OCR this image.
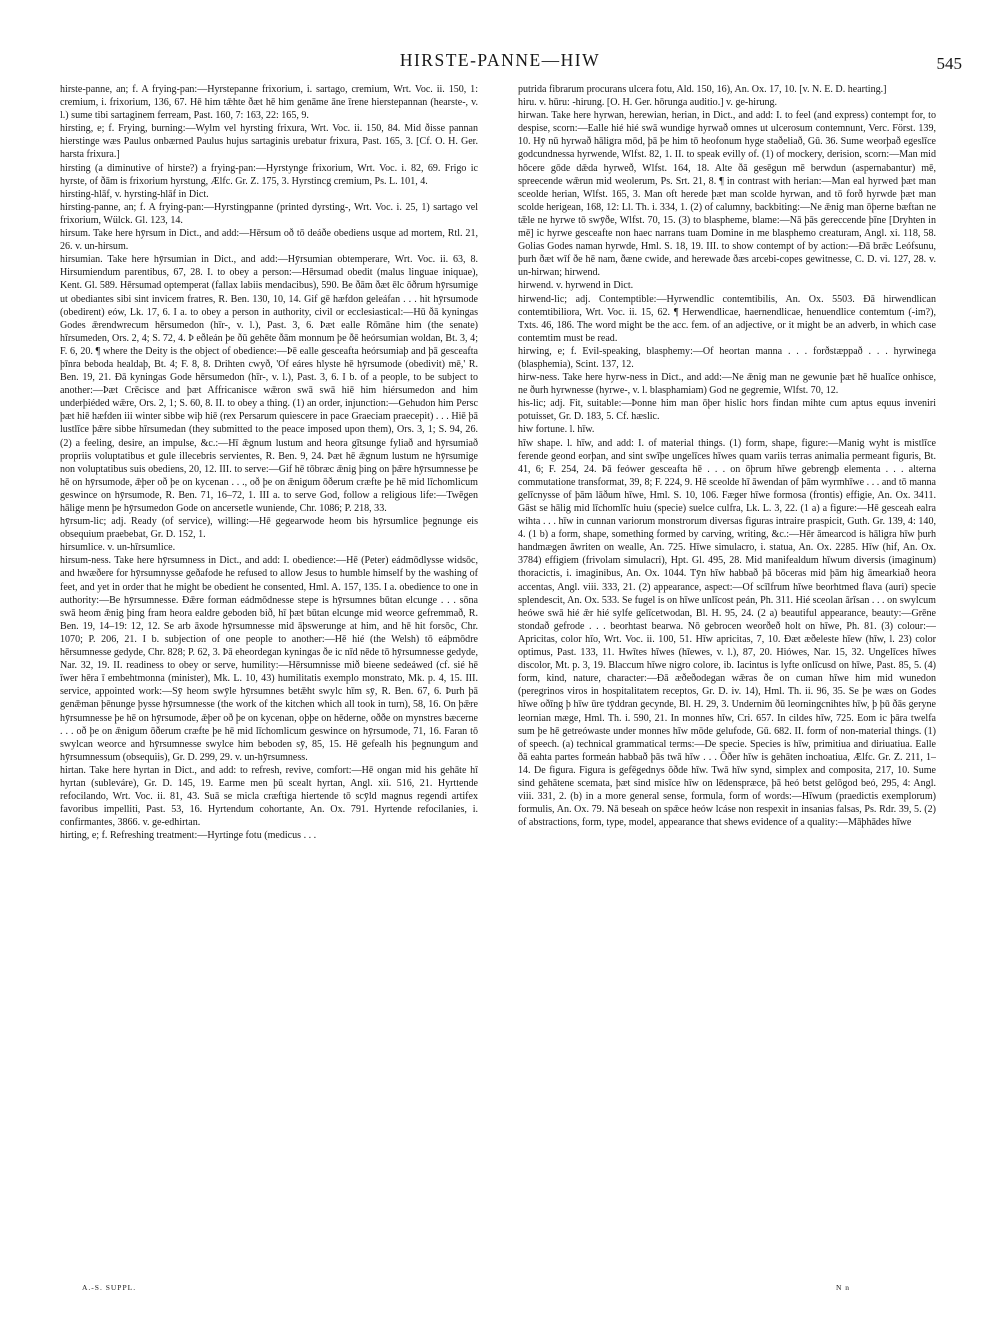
HIRSTE-PANNE—HIW	545

hirste-panne, an; f. A frying-pan:—Hyrstepanne frixorium, i. sartago, cremium, Wrt. Voc. ii. 150, 1: cremium, i. frixorium, 136, 67. Hē him tǣhte ðæt hē him genāme āne īrene hierstepannan (hearste-, v. l.) sume tibi sartaginem ferream, Past. 160, 7: 163, 22: 165, 9.

hirsting, e; f. Frying, burning:—Wylm vel hyrsting frixura, Wrt. Voc. ii. 150, 84. Mid ðisse pannan hierstinge wæs Paulus onbærned Paulus hujus sartaginis urebatur frixura, Past. 165, 3. [Cf. O. H. Ger. harsta frixura.]

hirsting (a diminutive of hirste?) a frying-pan:—Hyrstynge frixorium, Wrt. Voc. i. 82, 69. Frigo ic hyrste, of ðām is frixorium hyrstung, Ælfc. Gr. Z. 175, 3. Hyrstincg cremium, Ps. L. 101, 4.

hirsting-hlāf, v. hyrsting-hlāf in Dict.

hirsting-panne, an; f. A frying-pan:—Hyrstingpanne (printed dyrsting-, Wrt. Voc. i. 25, 1) sartago vel frixorium, Wülck. Gl. 123, 14.

hirsum. Take here hȳrsum in Dict., and add:—Hērsum oð tō deáðe obediens usque ad mortem, Rtl. 21, 26. v. un-hirsum.

hirsumian. Take here hȳrsumian in Dict., and add:—Hȳrsumian obtemperare, Wrt. Voc. ii. 63, 8. Hirsumiendum parentibus, 67, 28. I. to obey a person:—Hērsumad obedit (malus linguae iniquae), Kent. Gl. 589. Hērsumad optemperat (fallax labiis mendacibus), 590. Be ðām ðæt ēlc ōðrum hȳrsumige ut obediantes sibi sint invicem fratres, R. Ben. 130, 10, 14. Gif gē hæfdon geleáfan . . . hit hȳrsumode (obedirent) eów, Lk. 17, 6. I a. to obey a person in authority, civil or ecclesiastical:—Hū ðā kyningas Godes ǣrendwrecum hērsumedon (hīr-, v. l.), Past. 3, 6. Þæt ealle Rōmāne him (the senate) hīrsumeden, Ors. 2, 4; S. 72, 4. Þ eðleán þe ðū gehēte ðām monnum þe ðē heórsumian woldan, Bt. 3, 4; F. 6, 20. ¶ where the Deity is the object of obedience:—Þē ealle gesceafta heórsumiaþ and þā gesceafta þīnra beboda healdaþ, Bt. 4; F. 8, 8. Drihten cwyð, 'Of eáres hlyste hē hȳrsumode (obedivit) mē,' R. Ben. 19, 21. Ðā kyningas Gode hērsumedon (hīr-, v. l.), Past. 3, 6. I b. of a people, to be subject to another:—Þæt Crēcisce and þæt Affricanisce wǣron swā swā hiē him hiérsumedon and him underþiéded wǣre, Ors. 2, 1; S. 60, 8. II. to obey a thing. (1) an order, injunction:—Gehudon him Persc þæt hiē hæfden iii winter sibbe wiþ hiē (rex Persarum quiescere in pace Graeciam praecepit) . . . Hiē þā lustlīce þǣre sibbe hīrsumedan (they submitted to the peace imposed upon them), Ors. 3, 1; S. 94, 26. (2) a feeling, desire, an impulse, &c.:—Hī ǣgnum lustum and heora gītsunge fyliað and hȳrsumiað propriis voluptatibus et gule illecebris servientes, R. Ben. 9, 24. Þæt hē ǣgnum lustum ne hȳrsumige non voluptatibus suis obediens, 20, 12. III. to serve:—Gif hē tōbræc ǣnig þing on þǣre hȳrsumnesse þe hē on hȳrsumode, ǣþer oð þe on kycenan . . ., oð þe on ǣnigum ōðerum cræfte þe hē mid līchomlicum geswince on hȳrsumode, R. Ben. 71, 16–72, 1. III a. to serve God, follow a religious life:—Twēgen hālige menn þe hȳrsumedon Gode on ancersetle wuniende, Chr. 1086; P. 218, 33.

hȳrsum-lic; adj. Ready (of service), willing:—Hē gegearwode heom bis hȳrsumlice þegnunge eis obsequium praebebat, Gr. D. 152, 1.

hirsumlice. v. un-hīrsumlice.

hirsum-ness. Take here hȳrsumness in Dict., and add: I. obedience:—Hē (Peter) eádmōdlysse widsōc, and hwæðere for hȳrsumnysse geðafode he refused to allow Jesus to humble himself by the washing of feet, and yet in order that he might be obedient he consented, Hml. A. 157, 135. I a. obedience to one in authority:—Be hȳrsumnesse. Ðǣre forman eádmōdnesse stepe is hȳrsumnes būtan elcunge . . . sōna swā heom ǣnig þing fram heora ealdre geboden bið, hī þæt būtan elcunge mid weorce gefremmað, R. Ben. 19, 14–19: 12, 12. Se arb āxode hȳrsumnesse mid āþswerunge at him, and hē hit forsōc, Chr. 1070; P. 206, 21. I b. subjection of one people to another:—Hē hié (the Welsh) tō eáþmōdre hērsumnesse gedyde, Chr. 828; P. 62, 3. Þā eheordegan kyningas ðe ic nīd nēde tō hȳrsumnesse gedyde, Nar. 32, 19. II. readiness to obey or serve, humility:—Hērsumnisse mið bieene sedeáwed (cf. sié hē īwer hēra ī embehtmonna (minister), Mk. L. 10, 43) humilitatis exemplo monstrato, Mk. p. 4, 15. III. service, appointed work:—Sȳ heom swȳle hȳrsumnes betǣht swylc hīm sȳ, R. Ben. 67, 6. Þurh þā genǣman þēnunge þysse hȳrsumnesse (the work of the kitchen which all took in turn), 58, 16. On þǣre hȳrsumnesse þe hē on hȳrsumode, ǣþer oð þe on kycenan, oþþe on hēderne, oððe on mynstres bæcerne . . . oð þe on ǣnigum ōðerum cræfte þe hē mid līchomlicum geswince on hȳrsumode, 71, 16. Faran tō swylcan weorce and hȳrsumnesse swylce him beboden sȳ, 85, 15. Hē gefealh his þegnungum and hȳrsumnessum (obsequiis), Gr. D. 299, 29. v. un-hȳrsumness.

hirtan. Take here hyrtan in Dict., and add: to refresh, revive, comfort:—Hē ongan mid his gehāte hī hyrtan (subleváre), Gr. D. 145, 19. Earme men þū scealt hyrtan, Angl. xii. 516, 21. Hyrttende refocilando, Wrt. Voc. ii. 81, 43. Suā se micla cræftiga hiertende tō scȳld magnus regendi artifex favoribus impelliti, Past. 53, 16. Hyrtendum cohortante, An. Ox. 791. Hyrtende refocilanies, i. confirmantes, 3866. v. ge-edhirtan.

hirting, e; f. Refreshing treatment:—Hyrtinge fotu (medicus . . .

putrida fibrarum procurans ulcera fotu, Ald. 150, 16), An. Ox. 17, 10. [v. N. E. D. hearting.]

hiru. v. hūru: -hirung. [O. H. Ger. hōrunga auditio.] v. ge-hirung.

hirwan. Take here hyrwan, herewian, herian, in Dict., and add: I. to feel (and express) contempt for, to despise, scorn:—Ealle hié hié swā wundige hyrwað omnes ut ulcerosum contemnunt, Verc. Först. 139, 10. Hȳ nū hyrwað hāligra mōd, þā þe him tō heofonum hyge staðeliað, Gū. 36. Sume weorþað egeslīce godcundnessa hyrwende, Wlfst. 82, 1. II. to speak evilly of. (1) of mockery, derision, scorn:—Man mid hōcere gōde dǣda hyrweð, Wlfst. 164, 18. Alte ðā gesēgun mē berwdun (aspernabantur) mē, spreecende wǣrun mid weolerum, Ps. Srt. 21, 8. ¶ in contrast with herian:—Man eal hyrwed þæt man sceolde herian, Wlfst. 165, 3. Man oft herede þæt man scolde hyrwan, and tō forð hyrwde þæt man scolde herigean, 168, 12: Ll. Th. i. 334, 1. (2) of calumny, backbiting:—Ne ǣnig man ōþerne bæftan ne tǣle ne hyrwe tō swȳðe, Wlfst. 70, 15. (3) to blaspheme, blame:—Nā þās gereccende þīne [Dryhten in mē] ic hyrwe gesceafte non haec narrans tuam Domine in me blasphemo creaturam, Angl. xi. 118, 58. Golias Godes naman hyrwde, Hml. S. 18, 19. III. to show contempt of by action:—Ðā brǣc Leófsunu, þurh ðæt wīf ðe hē nam, ðæne cwide, and herewade ðæs arcebi-copes gewitnesse, C. D. vi. 127, 28. v. un-hirwan; hirwend.

hirwend. v. hyrwend in Dict.

hirwend-lic; adj. Contemptible:—Hyrwendlic contemtibilis, An. Ox. 5503. Ðā hirwendlican contemtibiliora, Wrt. Voc. ii. 15, 62. ¶ Herwendlicae, haernendlicae, henuendlice contemtum (-im?), Txts. 46, 186. The word might be the acc. fem. of an adjective, or it might be an adverb, in which case contemtim must be read.

hirwing, e; f. Evil-speaking, blasphemy:—Of heortan manna . . . forðstæppað . . . hyrwinega (blasphemia), Scint. 137, 12.

hirw-ness. Take here hyrw-ness in Dict., and add:—Ne ǣnig man ne gewunie þæt hē hualīce onhisce, ne ðurh hyrwnesse (hyrwe-, v. l. blasphamiam) God ne gegremie, Wlfst. 70, 12.

his-lic; adj. Fit, suitable:—Þonne him man ōþer hislic hors findan mihte cum aptus equus inveniri potuisset, Gr. D. 183, 5. Cf. hæslic.

hiw fortune. l. hīw.

hīw shape. l. hīw, and add: I. of material things. (1) form, shape, figure:—Manig wyht is mistlīce ferende geond eorþan, and sint swīþe ungelīces hīwes quam variis terras animalia permeant figuris, Bt. 41, 6; F. 254, 24. Þā feówer gesceafta hē . . . on ōþrum hīwe gebrengþ elementa . . . alterna commutatione transformat, 39, 8; F. 224, 9. Hē sceolde hī āwendan of þām wyrmhīwe . . . and tō manna gelīcnysse of þām lāðum hīwe, Hml. S. 10, 106. Fæger hīwe formosa (frontis) effigie, An. Ox. 3411. Gāst se hālig mid līchomlīc huiu (specie) suelce culfra, Lk. L. 3, 22. (1 a) a figure:—Hē gesceah ealra wihta . . . hīw in cunnan variorum monstrorum diversas figuras intraire praspicit, Guth. Gr. 139, 4: 140, 4. (1 b) a form, shape, something formed by carving, writing, &c.:—Hēr āmearcod is hāligra hīw þurh handmægen āwriten on wealle, An. 725. Hīwe simulacro, i. statua, An. Ox. 2285. Hīw (hif, An. Ox. 3784) effigiem (frivolam simulacri), Hpt. Gl. 495, 28. Mid manifealdum hīwum diversis (imaginum) thoracictis, i. imaginibus, An. Ox. 1044. Tȳn hīw habbað þā bōceras mid þām hig āmearkiað heora accentas, Angl. viii. 333, 21. (2) appearance, aspect:—Of scīlfrum hīwe beorhtmed flava (auri) specie splendescit, An. Ox. 533. Se fugel is on hīwe unlīcost peán, Ph. 311. Hié sceolan ārīsan . . . on swylcum heówe swā hié ǣr hié sylfe gelīcetwodan, Bl. H. 95, 24. (2 a) beautiful appearance, beauty:—Grēne stondað gefrode . . . beorhtast bearwa. Nō gebrocen weorðeð holt on hīwe, Ph. 81. (3) colour:—Apricitas, color hīo, Wrt. Voc. ii. 100, 51. Hīw apricitas, 7, 10. Ðæt æðeleste hīew (hīw, l. 23) color optimus, Past. 133, 11. Hwītes hīwes (hīewes, v. l.), 87, 20. Hiówes, Nar. 15, 32. Ungelīces hīwes discolor, Mt. p. 3, 19. Blaccum hīwe nigro colore, ib. Iacintus is lyfte onlīcusd on hīwe, Past. 85, 5. (4) form, kind, nature, character:—Ðā æðeðodegan wǣras ðe on cuman hīwe him mid wunedon (peregrinos viros in hospitalitatem receptos, Gr. D. iv. 14), Hml. Th. ii. 96, 35. Se þe wæs on Godes hīwe oðīng þ hīw ūre tȳddran gecynde, Bl. H. 29, 3. Undernim ðū leorningcnihtes hīw, þ þū ðās geryne leornian mæge, Hml. Th. i. 590, 21. In monnes hīw, Cri. 657. In cildes hīw, 725. Eom ic þāra twelfa sum þe hē getreówaste under monnes hīw mōde gelufode, Gū. 682. II. form of non-material things. (1) of speech. (a) technical grammatical terms:—De specie. Species is hīw, primitiua and diriuatiua. Ealle ðā eahta partes formeán habbað þās twā hīw . . . Ōðer hīw is gehāten inchoatiua, Ælfc. Gr. Z. 211, 1–14. De figura. Figura is gefēgednys ōðde hīw. Twā hīw synd, simplex and composita, 217, 10. Sume sind gehātene scemata, þæt sind misīce hīw on lēdenspræce, þā heó betst gelōgod beó, 295, 4: Angl. viii. 331, 2. (b) in a more general sense, formula, form of words:—Hīwum (praedictis exemplorum) formulis, An. Ox. 79. Nā beseah on spǣce heów lcáse non respexit in insanias falsas, Ps. Rdr. 39, 5. (2) of abstractions, form, type, model, appearance that shews evidence of a quality:—Māþhādes hīwe

A.-S. SUPPL.	N n
